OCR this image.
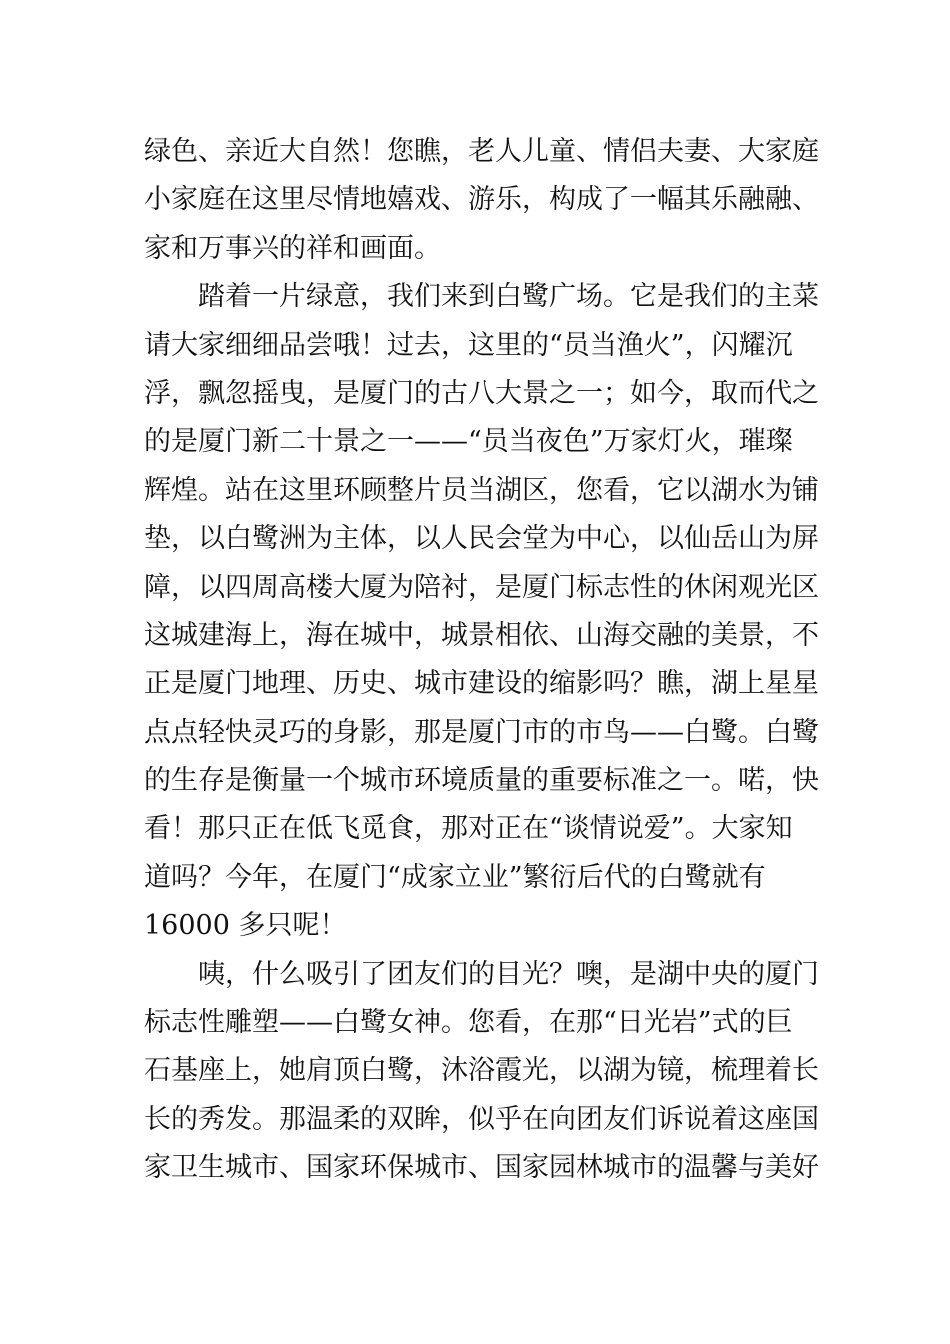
绿色、亲近大自然！您瞧，老人儿童、情侣夫妻、大家庭
小家庭在这里尽情地嬉戏、游乐，构成了一幅其乐融融、
家和万事兴的祥和画面。
　　踏着一片绿意，我们来到白鹭广场。它是我们的主菜
请大家细细品尝哦！过去，这里的“员当渔火”，闪耀沉
浮，飘忽摇曳，是厦门的古八大景之一；如今，取而代之
的是厦门新二十景之一——“员当夜色”万家灯火，璀璨
辉煌。站在这里环顾整片员当湖区，您看，它以湖水为铺
垫，以白鹭洲为主体，以人民会堂为中心，以仙岳山为屏
障，以四周高楼大厦为陪衬，是厦门标志性的休闲观光区
这城建海上，海在城中，城景相依、山海交融的美景，不
正是厦门地理、历史、城市建设的缩影吗？瞧，湖上星星
点点轻快灵巧的身影，那是厦门市的市鸟——白鹭。白鹭
的生存是衡量一个城市环境质量的重要标准之一。喏，快
看！那只正在低飞觅食，那对正在“谈情说爱”。大家知
道吗？今年，在厦门“成家立业”繁衍后代的白鹭就有
16000 多只呢！
　　咦，什么吸引了团友们的目光？噢，是湖中央的厦门
标志性雕塑——白鹭女神。您看，在那“日光岩”式的巨
石基座上，她肩顶白鹭，沐浴霞光，以湖为镜，梳理着长
长的秀发。那温柔的双眸，似乎在向团友们诉说着这座国
家卫生城市、国家环保城市、国家园林城市的温馨与美好
